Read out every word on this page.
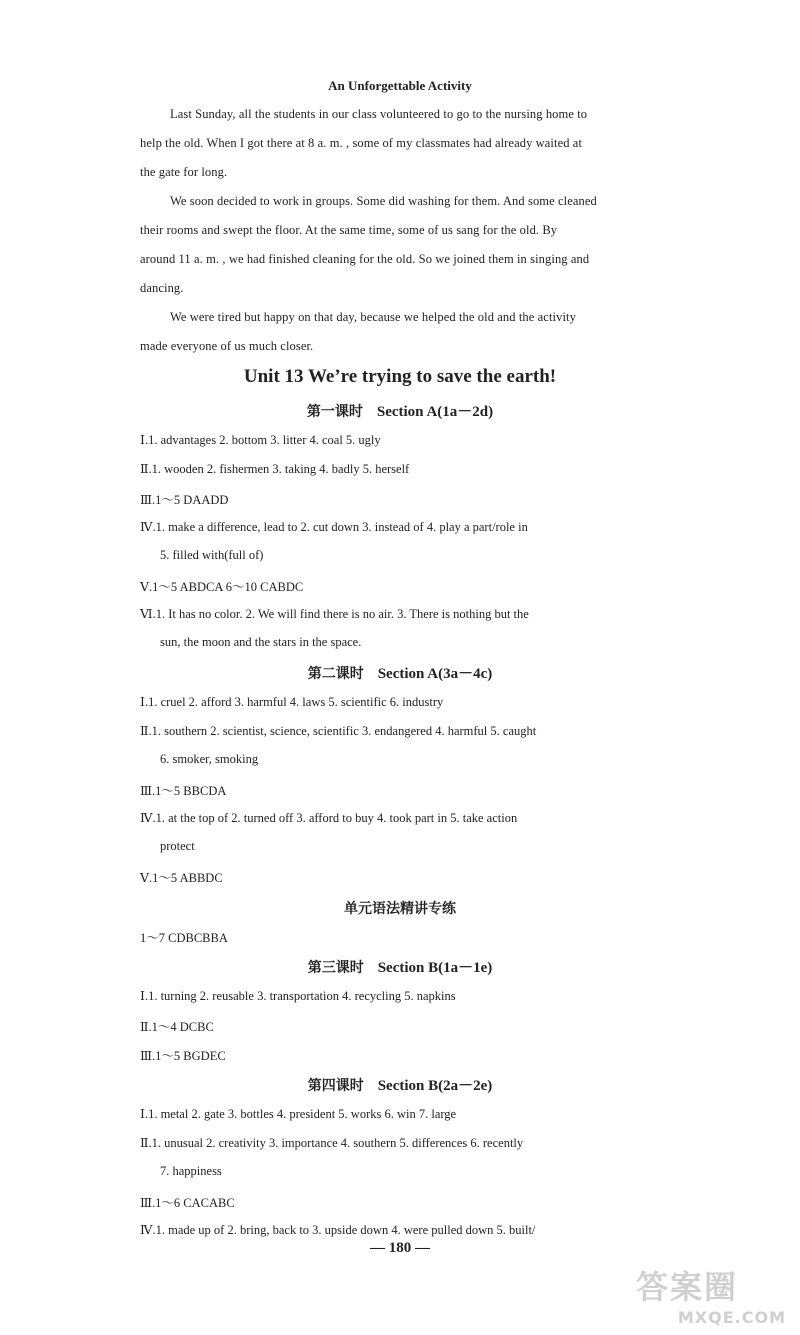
An Unforgettable Activity
Last Sunday, all the students in our class volunteered to go to the nursing home to
help the old. When I got there at 8 a. m. , some of my classmates had already waited at
the gate for long.
We soon decided to work in groups. Some did washing for them. And some cleaned
their rooms and swept the floor. At the same time, some of us sang for the old. By
around 11 a. m. , we had finished cleaning for the old. So we joined them in singing and
dancing.
We were tired but happy on that day, because we helped the old and the activity
made everyone of us much closer.
Unit 13 We’re trying to save the earth!
第一课时 Section A(1a－2d)
Ⅰ.1. advantages 2. bottom 3. litter 4. coal 5. ugly
Ⅱ.1. wooden 2. fishermen 3. taking 4. badly 5. herself
Ⅲ.1～5 DAADD
Ⅳ.1. make a difference, lead to 2. cut down 3. instead of 4. play a part/role in
5. filled with(full of)
Ⅴ.1～5 ABDCA 6～10 CABDC
Ⅵ.1. It has no color. 2. We will find there is no air. 3. There is nothing but the
sun, the moon and the stars in the space.
第二课时 Section A(3a－4c)
Ⅰ.1. cruel 2. afford 3. harmful 4. laws 5. scientific 6. industry
Ⅱ.1. southern 2. scientist, science, scientific 3. endangered 4. harmful 5. caught
6. smoker, smoking
Ⅲ.1～5 BBCDA
Ⅳ.1. at the top of 2. turned off 3. afford to buy 4. took part in 5. take action
protect
Ⅴ.1～5 ABBDC
单元语法精讲专练
1～7 CDBCBBA
第三课时 Section B(1a－1e)
Ⅰ.1. turning 2. reusable 3. transportation 4. recycling 5. napkins
Ⅱ.1～4 DCBC
Ⅲ.1～5 BGDEC
第四课时 Section B(2a－2e)
Ⅰ.1. metal 2. gate 3. bottles 4. president 5. works 6. win 7. large
Ⅱ.1. unusual 2. creativity 3. importance 4. southern 5. differences 6. recently
7. happiness
Ⅲ.1～6 CACABC
Ⅳ.1. made up of 2. bring, back to 3. upside down 4. were pulled down 5. built/
— 180 —
答案圈
MXQE.COM
